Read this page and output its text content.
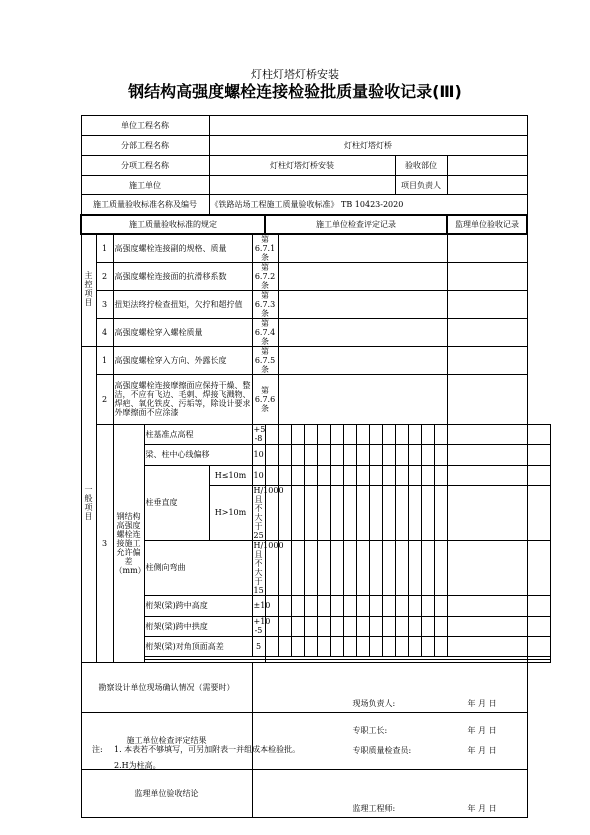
灯柱灯塔灯桥安装
钢结构高强度螺栓连接检验批质量验收记录(Ⅲ)
单位工程名称																					
分部工程名称				灯柱灯塔灯桥																	
分项工程名称				灯柱灯塔灯桥安装												验收部位					
施工单位																项目负责人					
施工质量验收标准名称及编号				《铁路站场工程施工质量验收标准》 TB 10423-2020																	
施工质量验收标准的规定						施工单位检查评定记录														监理单位验收记录	
主控项目	1	高强度螺栓连接副的规格、质量			第6.7.1条																
	2	高强度螺栓连接面的抗滑移系数			第6.7.2条																
	3	扭矩法终拧检查扭矩，欠拧和超拧值			第6.7.3条																
	4	高强度螺栓穿入螺栓质量			第6.7.4条																
一般项目	1	高强度螺栓穿入方向、外露长度			第6.7.5条																
	2	高强度螺栓连接摩擦面应保持干燥、整洁，不应有飞边、毛刺、焊接飞溅物、焊疤、氧化铁皮、污垢等，除设计要求外摩擦面不应涂漆			第6.7.6条																
	3	钢结构高强度螺栓连接施工允许偏差（mm）	柱基准点高程		+5
-8																
			梁、柱中心线偏移		10																
			柱垂直度	H≤10m	10																
				H>10m	H/1000且不大于25																
			柱侧向弯曲		H/1000且不大于15																
			桁架(梁)跨中高度		±10																
			桁架(梁)跨中拱度		+10
-5																
			桁架(梁)对角顶面高差		5																

勘察设计单位现场确认情况（需要时）					现场负责人: 年 月 日																

施工单位检查评定结果					专职工长: 年 月 日
专职质量检查员: 年 月 日																

监理单位验收结论					监理工程师: 年 月 日																
注: 1. 本表若不够填写，可另加附表一并组成本检验批。
2.H为柱高。
